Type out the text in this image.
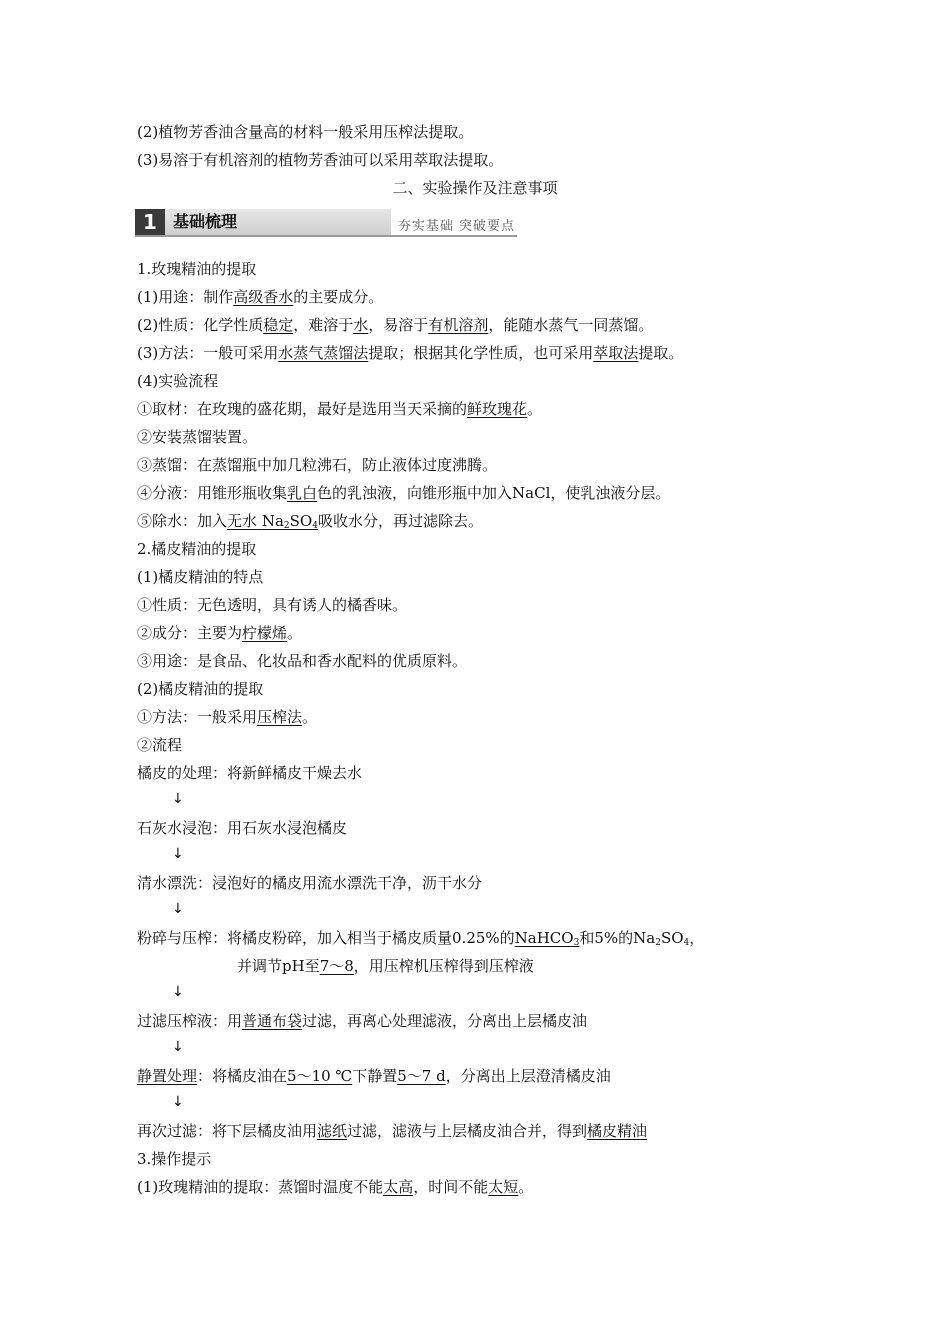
(2)植物芳香油含量高的材料一般采用压榨法提取。
(3)易溶于有机溶剂的植物芳香油可以采用萃取法提取。
二、实验操作及注意事项
1	基础梳理	夯实基础 突破要点
1.玫瑰精油的提取
(1)用途：制作高级香水的主要成分。
(2)性质：化学性质稳定，难溶于水，易溶于有机溶剂，能随水蒸气一同蒸馏。
(3)方法：一般可采用水蒸气蒸馏法提取；根据其化学性质，也可采用萃取法提取。
(4)实验流程
①取材：在玫瑰的盛花期，最好是选用当天采摘的鲜玫瑰花。
②安装蒸馏装置。
③蒸馏：在蒸馏瓶中加几粒沸石，防止液体过度沸腾。
④分液：用锥形瓶收集乳白色的乳浊液，向锥形瓶中加入NaCl，使乳浊液分层。
⑤除水：加入无水 $Na_2SO_4$吸收水分，再过滤除去。
2.橘皮精油的提取
(1)橘皮精油的特点
①性质：无色透明，具有诱人的橘香味。
②成分：主要为柠檬烯。
③用途：是食品、化妆品和香水配料的优质原料。
(2)橘皮精油的提取
①方法：一般采用压榨法。
②流程
橘皮的处理：将新鲜橘皮干燥去水
↓
石灰水浸泡：用石灰水浸泡橘皮
↓
清水漂洗：浸泡好的橘皮用流水漂洗干净，沥干水分
↓
粉碎与压榨：将橘皮粉碎，加入相当于橘皮质量0.25%的NaHCO$_3$和5%的$Na_2SO_4$，
并调节pH至7～8，用压榨机压榨得到压榨液
↓
过滤压榨液：用普通布袋过滤，再离心处理滤液，分离出上层橘皮油
↓
静置处理：将橘皮油在5～10 ℃下静置5～7 d，分离出上层澄清橘皮油
↓
再次过滤：将下层橘皮油用滤纸过滤，滤液与上层橘皮油合并，得到橘皮精油
3.操作提示
(1)玫瑰精油的提取：蒸馏时温度不能太高，时间不能太短。
